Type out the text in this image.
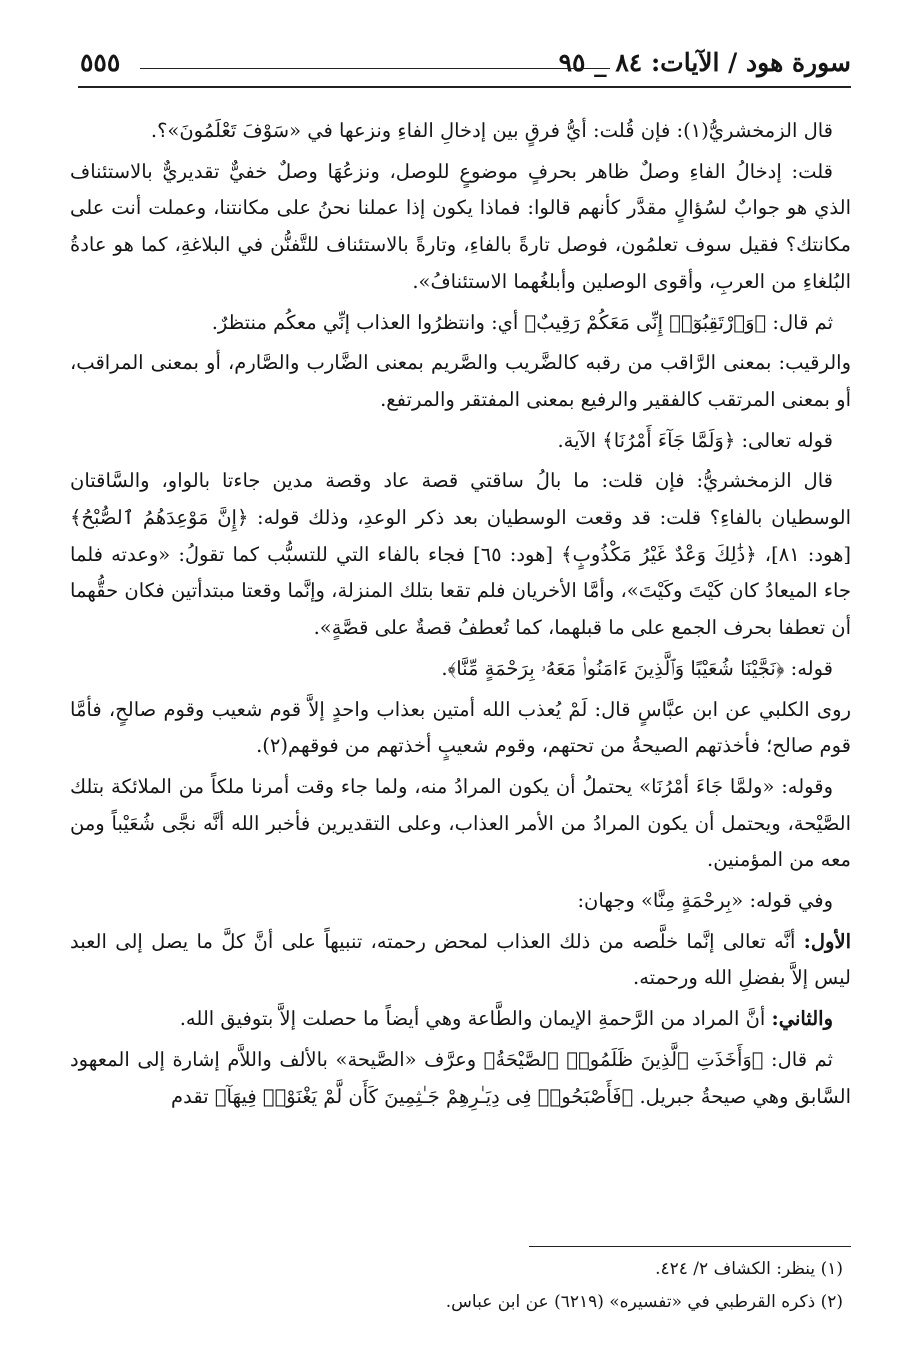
سورة هود / الآيات: ٨٤ _ ٩٥
٥٥٥

قال الزمخشريُّ(١): فإن قُلت: أيُّ فرقٍ بين إدخالِ الفاءِ ونزعها في «سَوْفَ تَعْلَمُونَ»؟.

قلت: إدخالُ الفاءِ وصلٌ ظاهر بحرفٍ موضوعٍ للوصل، ونزعُهَا وصلٌ خفيٌّ تقديريٌّ بالاستئناف الذي هو جوابٌ لسُؤالٍ مقدَّر كأنهم قالوا: فماذا يكون إذا عملنا نحنُ على مكانتنا، وعملت أنت على مكانتك؟ فقيل سوف تعلمُون، فوصل تارةً بالفاءِ، وتارةً بالاستئناف للتَّفنُّن في البلاغةِ، كما هو عادةُ البُلغاءِ من العربِ، وأقوى الوصلين وأبلغُهما الاستئنافُ».

ثم قال: ﴿وَٱرْتَقِبُوٓا۟ إِنِّى مَعَكُمْ رَقِيبٌ﴾ أي: وانتظرُوا العذاب إنِّي معكُم منتظرٌ.

والرقيب: بمعنى الرَّاقب من رقبه كالضَّريب والصَّريم بمعنى الضَّارب والصَّارم، أو بمعنى المراقب، أو بمعنى المرتقب كالفقير والرفيع بمعنى المفتقر والمرتفع.

قوله تعالى: ﴿وَلَمَّا جَآءَ أَمْرُنَا﴾ الآية.

قال الزمخشريُّ: فإن قلت: ما بالُ ساقتي قصة عاد وقصة مدين جاءتا بالواو، والسَّاقتان الوسطيان بالفاءِ؟ قلت: قد وقعت الوسطيان بعد ذكر الوعدِ، وذلك قوله: ﴿إِنَّ مَوْعِدَهُمُ ٱلصُّبْحُ﴾ [هود: ٨١]، ﴿ذَٰلِكَ وَعْدٌ غَيْرُ مَكْذُوبٍ﴾ [هود: ٦٥] فجاء بالفاء التي للتسبُّب كما تقولُ: «وعدته فلما جاء الميعادُ كان كَيْتَ وكَيْتَ»، وأمَّا الأخريان فلم تقعا بتلك المنزلة، وإنَّما وقعتا مبتدأتين فكان حقُّهما أن تعطفا بحرف الجمع على ما قبلهما، كما تُعطفُ قصةٌ على قصَّةٍ».

قوله: ﴿نَجَّيْنَا شُعَيْبًا وَٱلَّذِينَ ءَامَنُوا۟ مَعَهُۥ بِرَحْمَةٍ مِّنَّا﴾.

روى الكلبي عن ابن عبَّاسٍ قال: لَمْ يُعذب الله أمتين بعذاب واحدٍ إلاَّ قوم شعيب وقوم صالحٍ، فأمَّا قوم صالح؛ فأخذتهم الصيحةُ من تحتهم، وقوم شعيبٍ أخذتهم من فوقهم(٢).

وقوله: «ولمَّا جَاءَ أمْرُنَا» يحتملُ أن يكون المرادُ منه، ولما جاء وقت أمرنا ملكاً من الملائكة بتلك الصَّيْحة، ويحتمل أن يكون المرادُ من الأمر العذاب، وعلى التقديرين فأخبر الله أنَّه نجَّى شُعَيْباً ومن معه من المؤمنين.

وفي قوله: «بِرحْمَةٍ مِنَّا» وجهان:

الأول: أنَّه تعالى إنَّما خلَّصه من ذلك العذاب لمحض رحمته، تنبيهاً على أنَّ كلَّ ما يصل إلى العبد ليس إلاَّ بفضلِ الله ورحمته.

والثاني: أنَّ المراد من الرَّحمةِ الإيمان والطَّاعة وهي أيضاً ما حصلت إلاَّ بتوفيق الله.

ثم قال: ﴿وَأَخَذَتِ ٱلَّذِينَ ظَلَمُوا۟ ٱلصَّيْحَةُ﴾ وعرَّف «الصَّيحة» بالألف واللاَّم إشارة إلى المعهود السَّابق وهي صيحةُ جبريل. ﴿فَأَصْبَحُوا۟ فِى دِيَـٰرِهِمْ جَـٰثِمِينَ كَأَن لَّمْ يَغْنَوْا۟ فِيهَآ﴾ تقدم

(١) ينظر: الكشاف ٢/ ٤٢٤.

(٢) ذكره القرطبي في «تفسيره» (٦٢١٩) عن ابن عباس.
